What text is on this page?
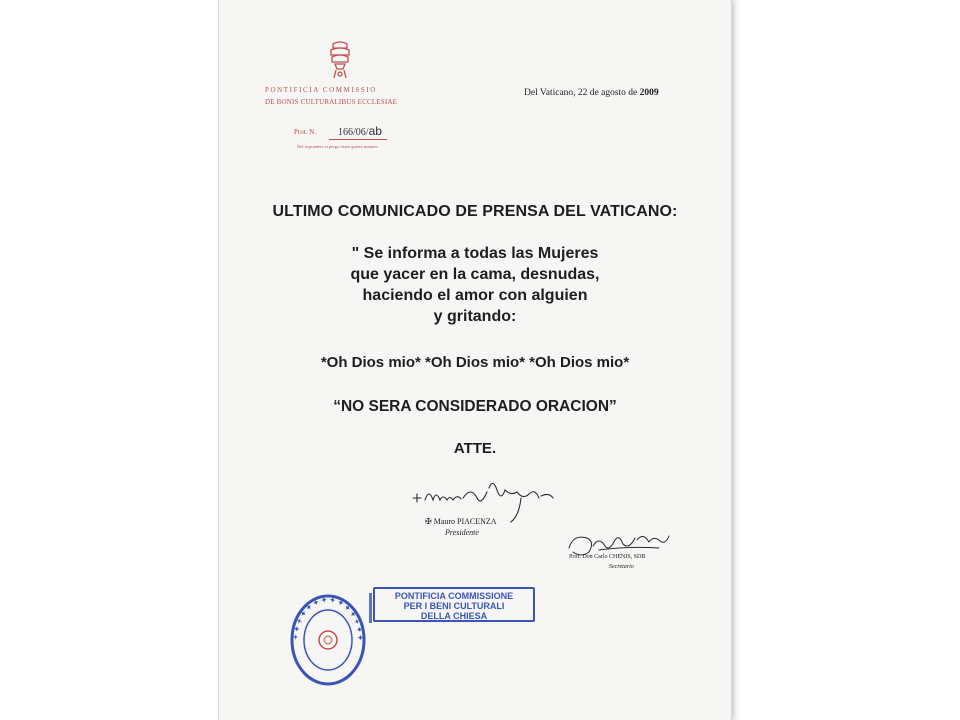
PONTIFICIA COMMISSIO
DE BONIS CULTURALIBUS ECCLESIAE
Prot. N. 166/06/ab
Nel rispondere si prega citare questo numero
Del Vaticano, 22 de agosto de 2009
ULTIMO COMUNICADO DE PRENSA DEL VATICANO:
" Se informa a todas las Mujeres
que yacer en la cama, desnudas,
haciendo el amor con alguien
y gritando:
*Oh Dios mio* *Oh Dios mio* *Oh Dios mio*
“NO SERA CONSIDERADO ORACION”
ATTE.
✠ Mauro PIACENZA
Presidente
Prof. Don Carlo CHENIS, SDB
Secretario
✦ ✦ ✦ ✦ ✦ ✦ ✦ ✦ ✦ ✦ ✦ ✦ ✦ ✦
PONTIFICIA COMMISSIONE
PER I BENI CULTURALI
DELLA CHIESA
